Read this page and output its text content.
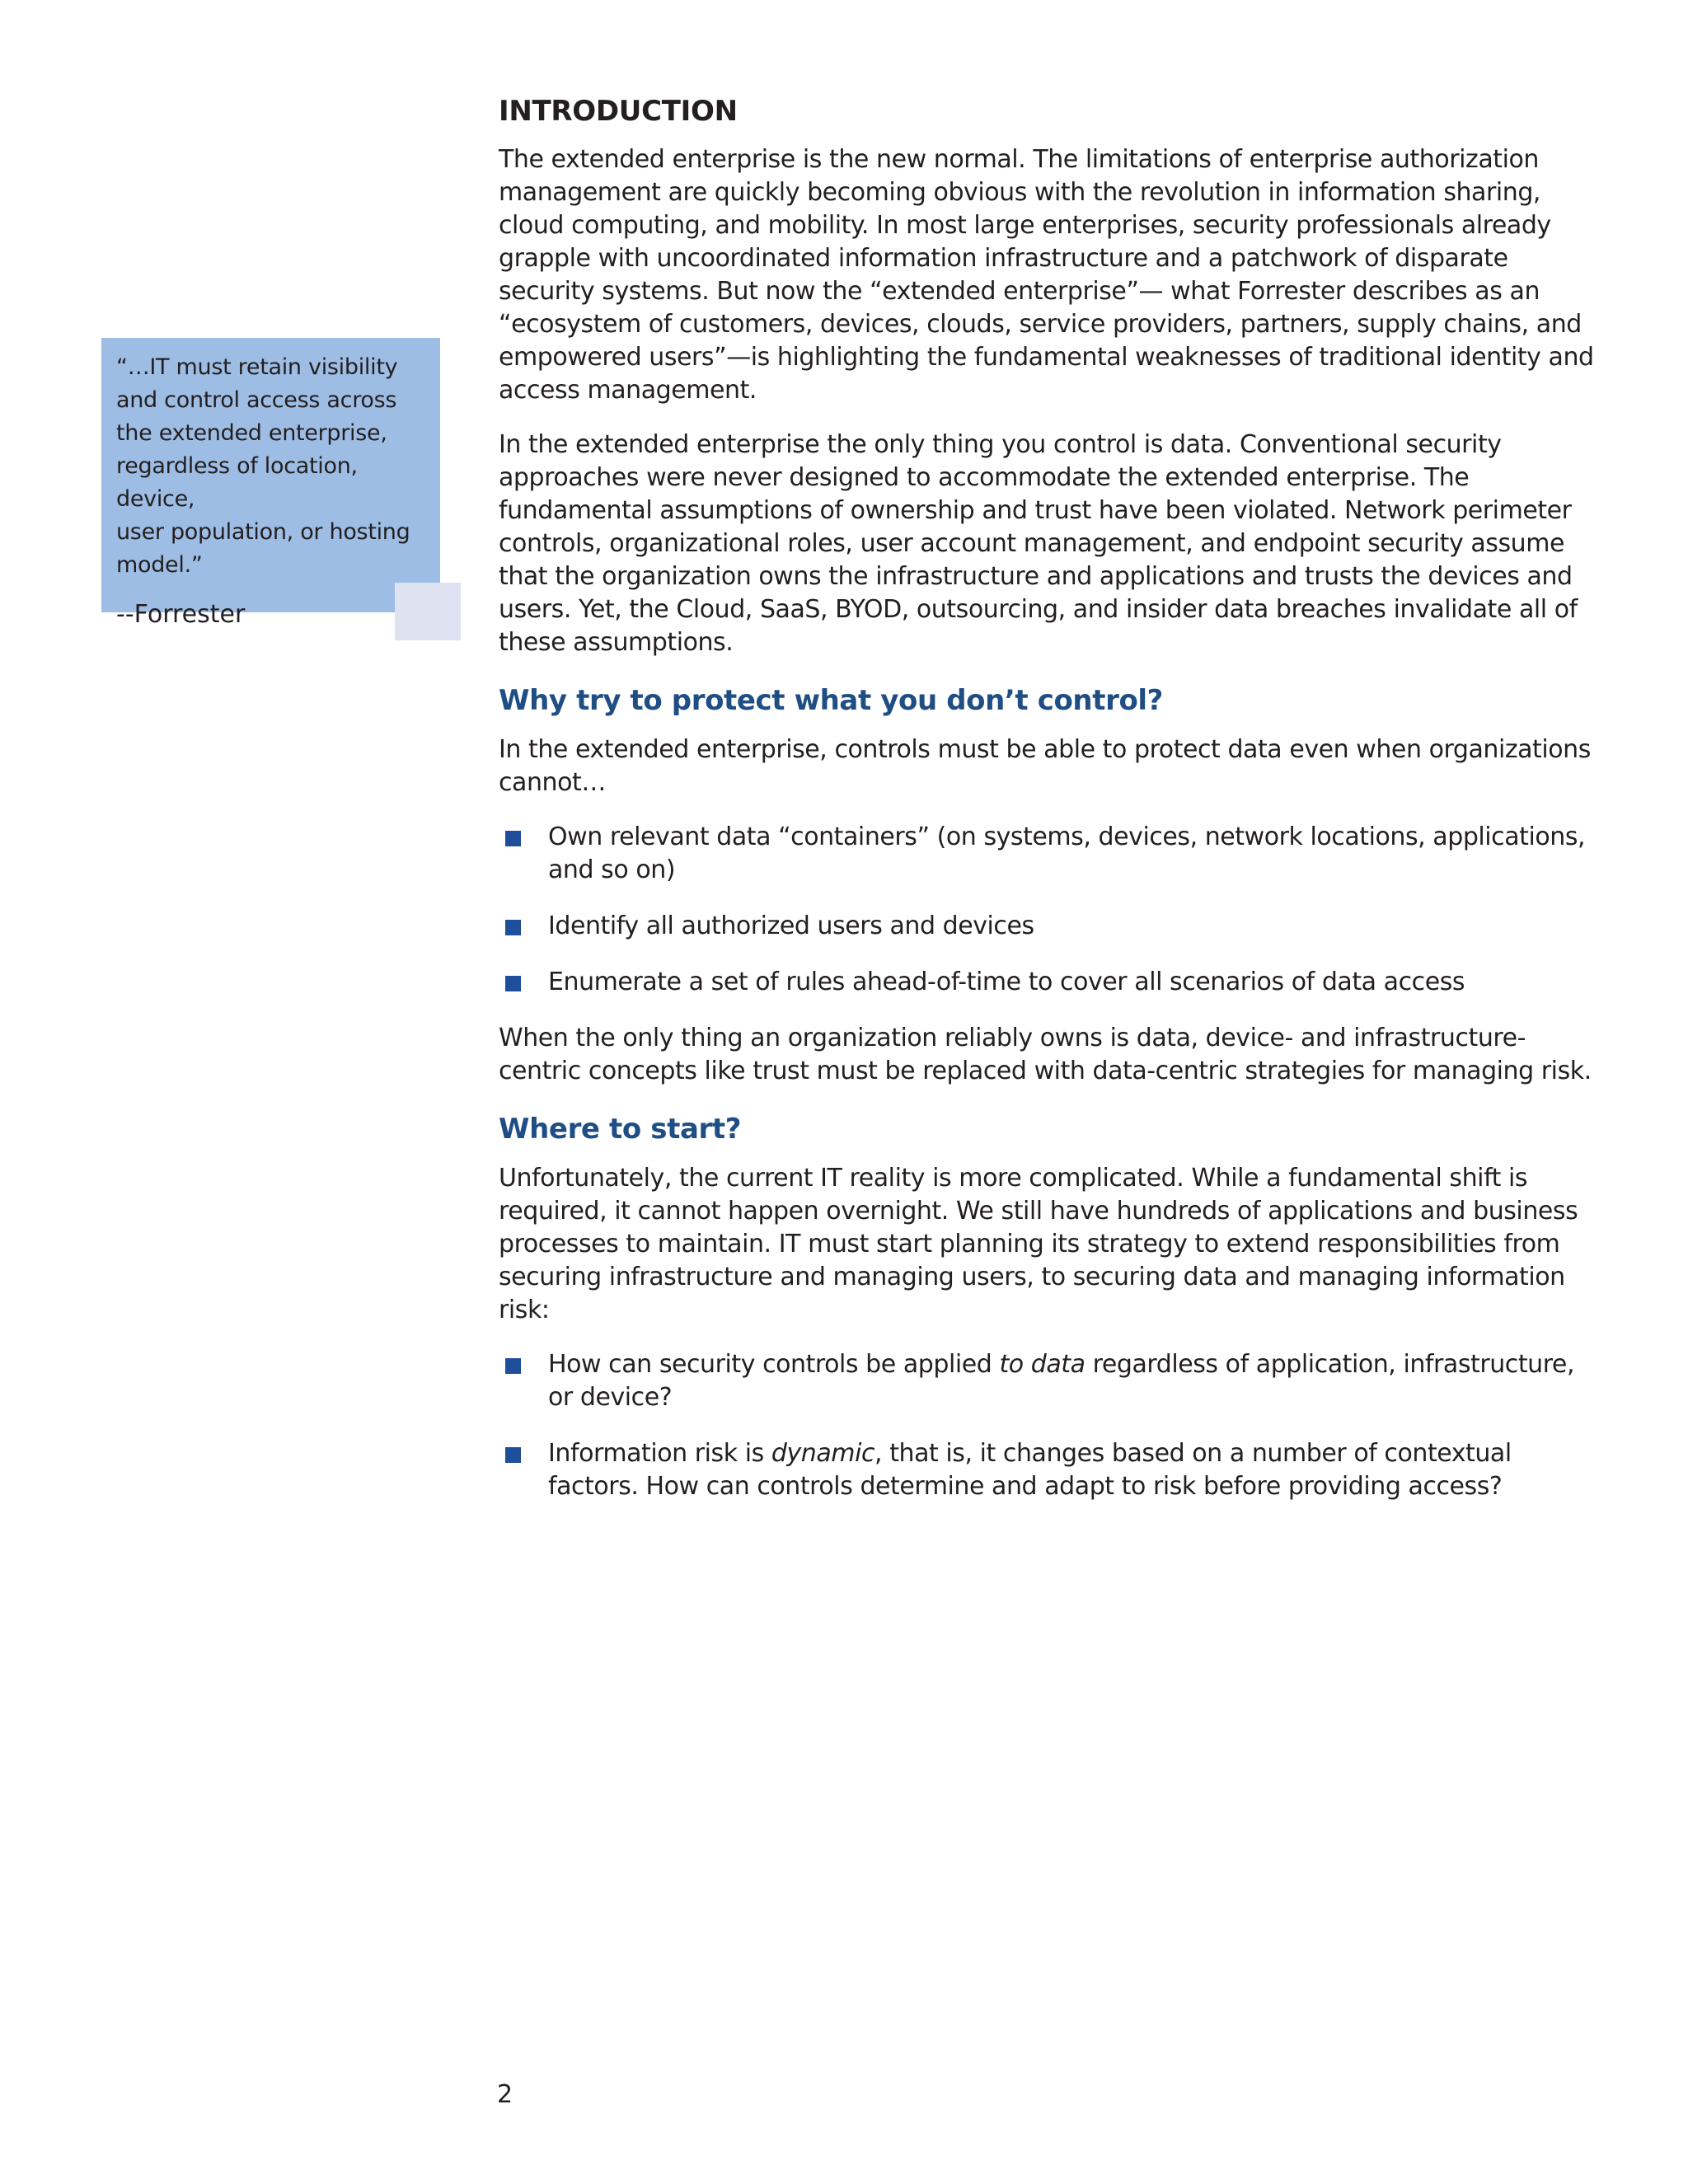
“…IT must retain visibility
and control access across
the extended enterprise,
regardless of location, device,
user population, or hosting
model.”

--Forrester
INTRODUCTION

The extended enterprise is the new normal. The limitations of enterprise authorization management are quickly becoming obvious with the revolution in information sharing, cloud computing, and mobility. In most large enterprises, security professionals already grapple with uncoordinated information infrastructure and a patchwork of disparate security systems. But now the “extended enterprise”— what Forrester describes as an “ecosystem of customers, devices, clouds, service providers, partners, supply chains, and empowered users”—is highlighting the fundamental weaknesses of traditional identity and access management.

In the extended enterprise the only thing you control is data. Conventional security approaches were never designed to accommodate the extended enterprise. The fundamental assumptions of ownership and trust have been violated. Network perimeter controls, organizational roles, user account management, and endpoint security assume that the organization owns the infrastructure and applications and trusts the devices and users. Yet, the Cloud, SaaS, BYOD, outsourcing, and insider data breaches invalidate all of these assumptions.

Why try to protect what you don’t control?

In the extended enterprise, controls must be able to protect data even when organizations cannot…

Own relevant data “containers” (on systems, devices, network locations, applications, and so on)
Identify all authorized users and devices
Enumerate a set of rules ahead-of-time to cover all scenarios of data access

When the only thing an organization reliably owns is data, device- and infrastructure-centric concepts like trust must be replaced with data-centric strategies for managing risk.

Where to start?

Unfortunately, the current IT reality is more complicated. While a fundamental shift is required, it cannot happen overnight. We still have hundreds of applications and business processes to maintain. IT must start planning its strategy to extend responsibilities from securing infrastructure and managing users, to securing data and managing information risk:

How can security controls be applied to data regardless of application, infrastructure, or device?
Information risk is dynamic, that is, it changes based on a number of contextual factors. How can controls determine and adapt to risk before providing access?
2
